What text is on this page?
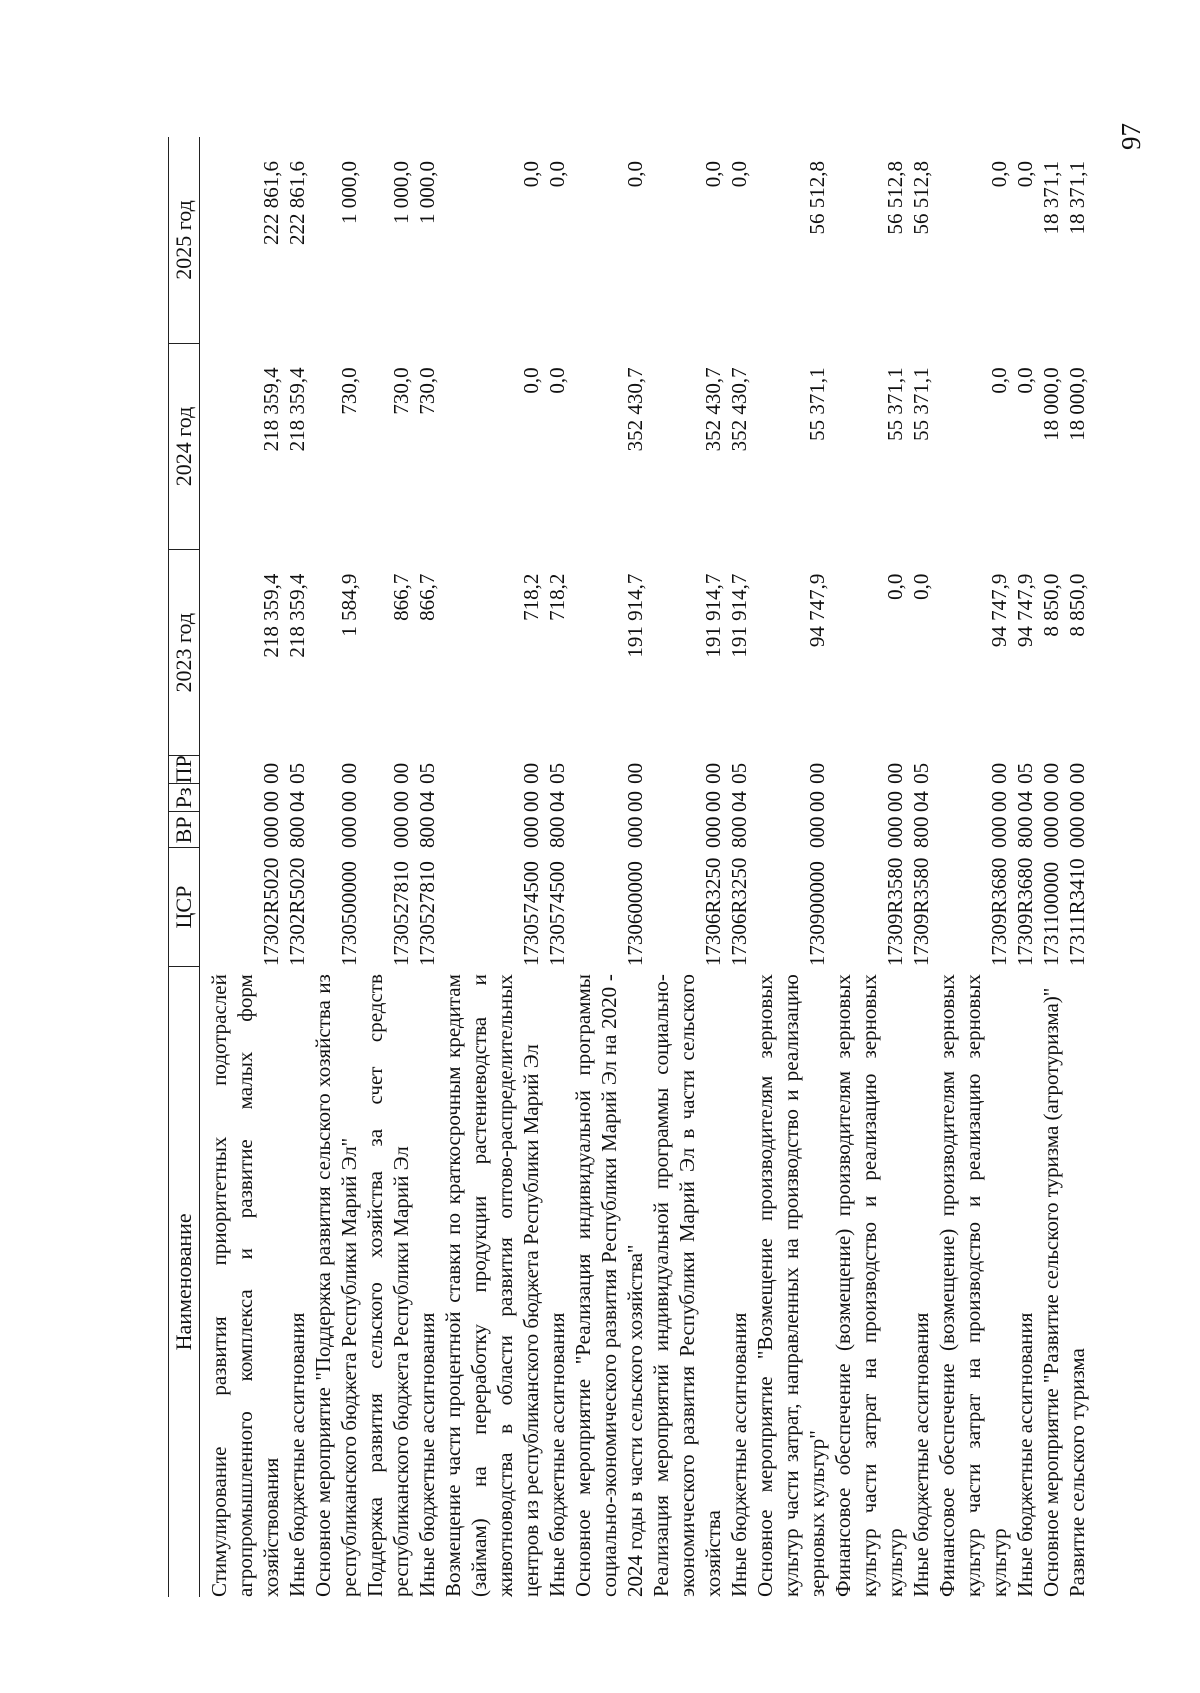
97
Наименование	ЦСР	ВР	Рз	ПР	2023 год	2024 год	2025 год
Стимулирование развития приоритетных подотраслей агропромышленного комплекса и развитие малых форм хозяйствования	17302R5020	000	00	00	218 359,4	218 359,4	222 861,6
Иные бюджетные ассигнования	17302R5020	800	04	05	218 359,4	218 359,4	222 861,6
Основное мероприятие "Поддержка развития сельского хозяйства из республиканского бюджета Республики Марий Эл"	1730500000	000	00	00	1 584,9	730,0	1 000,0
Поддержка развития сельского хозяйства за счет средств республиканского бюджета Республики Марий Эл	1730527810	000	00	00	866,7	730,0	1 000,0
Иные бюджетные ассигнования	1730527810	800	04	05	866,7	730,0	1 000,0
Возмещение части процентной ставки по краткосрочным кредитам (займам) на переработку продукции растениеводства и животноводства в области развития оптово-распределительных центров из республиканского бюджета Республики Марий Эл	1730574500	000	00	00	718,2	0,0	0,0
Иные бюджетные ассигнования	1730574500	800	04	05	718,2	0,0	0,0
Основное мероприятие "Реализация индивидуальной программы социально-экономического развития Республики Марий Эл на 2020 - 2024 годы в части сельского хозяйства"	1730600000	000	00	00	191 914,7	352 430,7	0,0
Реализация мероприятий индивидуальной программы социально-экономического развития Республики Марий Эл в части сельского хозяйства	17306R3250	000	00	00	191 914,7	352 430,7	0,0
Иные бюджетные ассигнования	17306R3250	800	04	05	191 914,7	352 430,7	0,0
Основное мероприятие "Возмещение производителям зерновых культур части затрат, направленных на производство и реализацию зерновых культур"	1730900000	000	00	00	94 747,9	55 371,1	56 512,8
Финансовое обеспечение (возмещение) производителям зерновых культур части затрат на производство и реализацию зерновых культур	17309R3580	000	00	00	0,0	55 371,1	56 512,8
Иные бюджетные ассигнования	17309R3580	800	04	05	0,0	55 371,1	56 512,8
Финансовое обеспечение (возмещение) производителям зерновых культур части затрат на производство и реализацию зерновых культур	17309R3680	000	00	00	94 747,9	0,0	0,0
Иные бюджетные ассигнования	17309R3680	800	04	05	94 747,9	0,0	0,0
Основное мероприятие "Развитие сельского туризма (агротуризма)"	1731100000	000	00	00	8 850,0	18 000,0	18 371,1
Развитие сельского туризма	17311R3410	000	00	00	8 850,0	18 000,0	18 371,1
